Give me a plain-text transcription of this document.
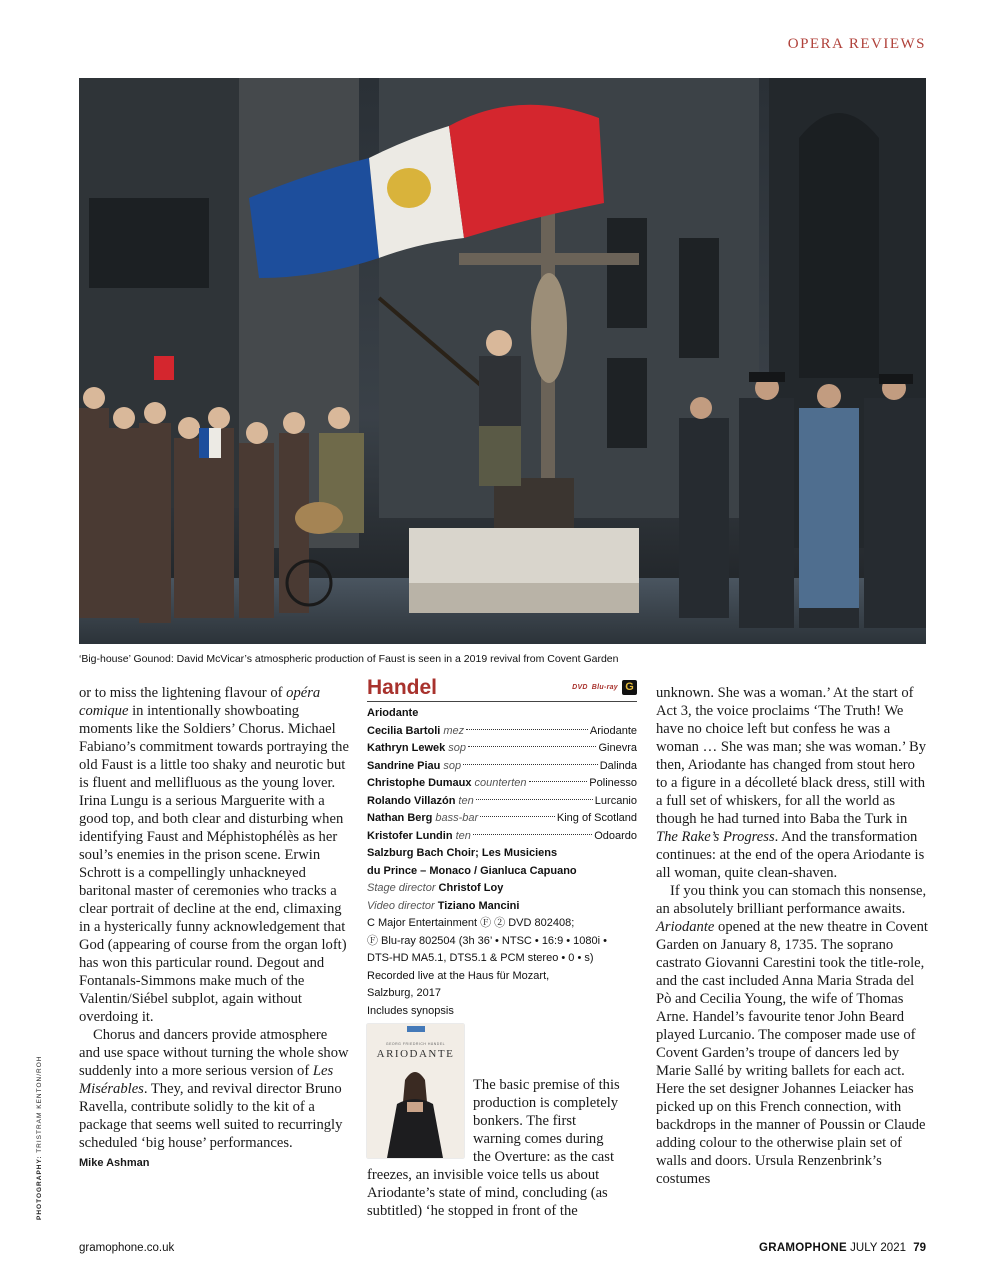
OPERA REVIEWS
‘Big-house’ Gounod: David McVicar’s atmospheric production of Faust is seen in a 2019 revival from Covent Garden
PHOTOGRAPHY: TRISTRAM KENTON/ROH

or to miss the lightening flavour of opéra comique in intentionally showboating moments like the Soldiers’ Chorus. Michael Fabiano’s commitment towards portraying the old Faust is a little too shaky and neurotic but is fluent and mellifluous as the young lover. Irina Lungu is a serious Marguerite with a good top, and both clear and disturbing when identifying Faust and Méphistophélès as her soul’s enemies in the prison scene. Erwin Schrott is a compellingly unhackneyed baritonal master of ceremonies who tracks a clear portrait of decline at the end, climaxing in a hysterically funny acknowledgement that God (appearing of course from the organ loft) has won this particular round. Degout and Fontanals-Simmons make much of the Valentin/Siébel subplot, again without overdoing it.

Chorus and dancers provide atmosphere and use space without turning the whole show suddenly into a more serious version of Les Misérables. They, and revival director Bruno Ravella, contribute solidly to the kit of a package that seems well suited to recurringly scheduled ‘big house’ performances.

Mike Ashman
Handel	DVD Blu-ray G
Ariodante
Cecilia Bartoli mez	Ariodante
Kathryn Lewek sop	Ginevra
Sandrine Piau sop	Dalinda
Christophe Dumaux counterten	Polinesso
Rolando Villazón ten	Lurcanio
Nathan Berg bass-bar	King of Scotland
Kristofer Lundin ten	Odoardo
Salzburg Bach Choir; Les Musiciens
du Prince – Monaco / Gianluca Capuano
Stage director Christof Loy
Video director Tiziano Mancini
C Major Entertainment Ⓕ ② DVD 802408;
Ⓕ Blu-ray 802504 (3h 36’ • NTSC • 16:9 • 1080i •
DTS-HD MA5.1, DTS5.1 & PCM stereo • 0 • s)
Recorded live at the Haus für Mozart,
Salzburg, 2017
Includes synopsis
GEORG FRIEDRICH HÄNDEL
ARIODANTE
The basic premise of this
production is completely
bonkers. The first
warning comes during
the Overture: as the cast
freezes, an invisible voice tells us about Ariodante’s state of mind, concluding (as subtitled) ‘he stopped in front of the

unknown. She was a woman.’ At the start of Act 3, the voice proclaims ‘The Truth! We have no choice left but confess he was a woman … She was man; she was woman.’ By then, Ariodante has changed from stout hero to a figure in a décolleté black dress, still with a full set of whiskers, for all the world as though he had turned into Baba the Turk in The Rake’s Progress. And the transformation continues: at the end of the opera Ariodante is all woman, quite clean-shaven.

If you think you can stomach this nonsense, an absolutely brilliant performance awaits. Ariodante opened at the new theatre in Covent Garden on January 8, 1735. The soprano castrato Giovanni Carestini took the title-role, and the cast included Anna Maria Strada del Pò and Cecilia Young, the wife of Thomas Arne. Handel’s favourite tenor John Beard played Lurcanio. The composer made use of Covent Garden’s troupe of dancers led by Marie Sallé by writing ballets for each act. Here the set designer Johannes Leiacker has picked up on this French connection, with backdrops in the manner of Poussin or Claude adding colour to the otherwise plain set of walls and doors. Ursula Renzenbrink’s costumes

gramophone.co.uk	GRAMOPHONE JULY 2021 79
